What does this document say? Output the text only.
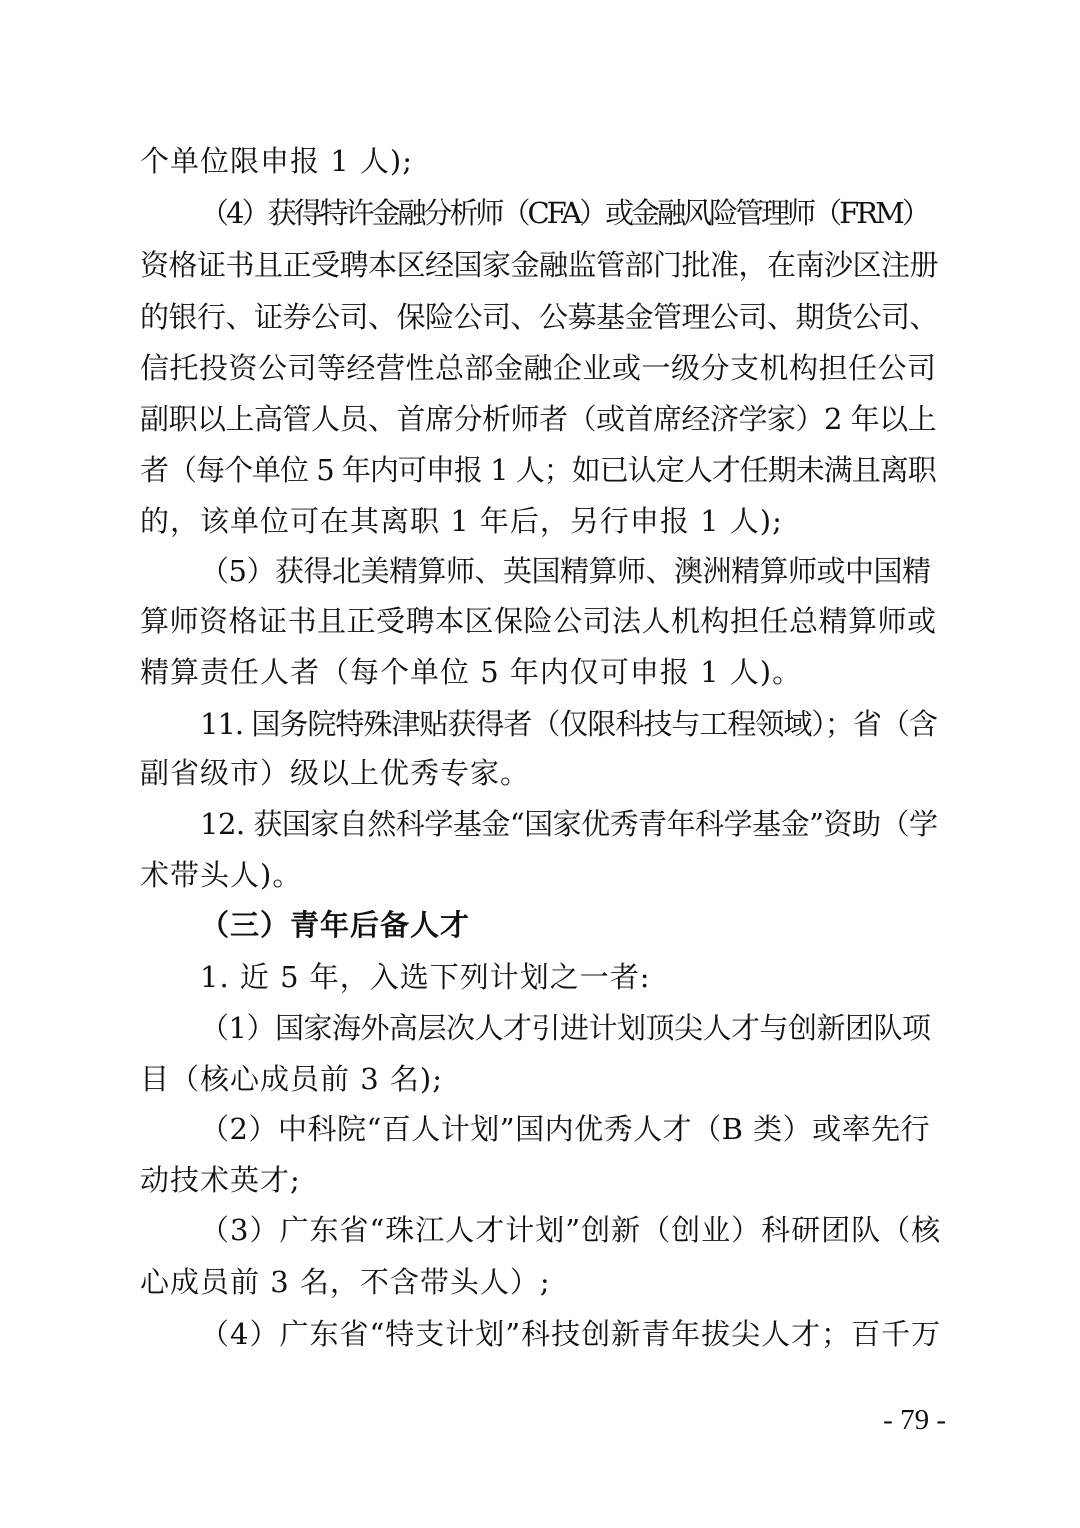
个单位限申报 1 人);
（4）获得特许金融分析师（CFA）或金融风险管理师（FRM）
资格证书且正受聘本区经国家金融监管部门批准，在南沙区注册
的银行、证券公司、保险公司、公募基金管理公司、期货公司、
信托投资公司等经营性总部金融企业或一级分支机构担任公司
副职以上高管人员、首席分析师者（或首席经济学家）2 年以上
者（每个单位 5 年内可申报 1 人；如已认定人才任期未满且离职
的，该单位可在其离职 1 年后，另行申报 1 人);
（5）获得北美精算师、英国精算师、澳洲精算师或中国精
算师资格证书且正受聘本区保险公司法人机构担任总精算师或
精算责任人者（每个单位 5 年内仅可申报 1 人)。
11. 国务院特殊津贴获得者（仅限科技与工程领域）；省（含
副省级市）级以上优秀专家。
12. 获国家自然科学基金“国家优秀青年科学基金”资助（学
术带头人)。
（三）青年后备人才
1. 近 5 年，入选下列计划之一者:
（1）国家海外高层次人才引进计划顶尖人才与创新团队项
目（核心成员前 3 名);
（2）中科院“百人计划”国内优秀人才（B 类）或率先行
动技术英才;
（3）广东省“珠江人才计划”创新（创业）科研团队（核
心成员前 3 名，不含带头人）;
（4）广东省“特支计划”科技创新青年拔尖人才；百千万
- 79 -
